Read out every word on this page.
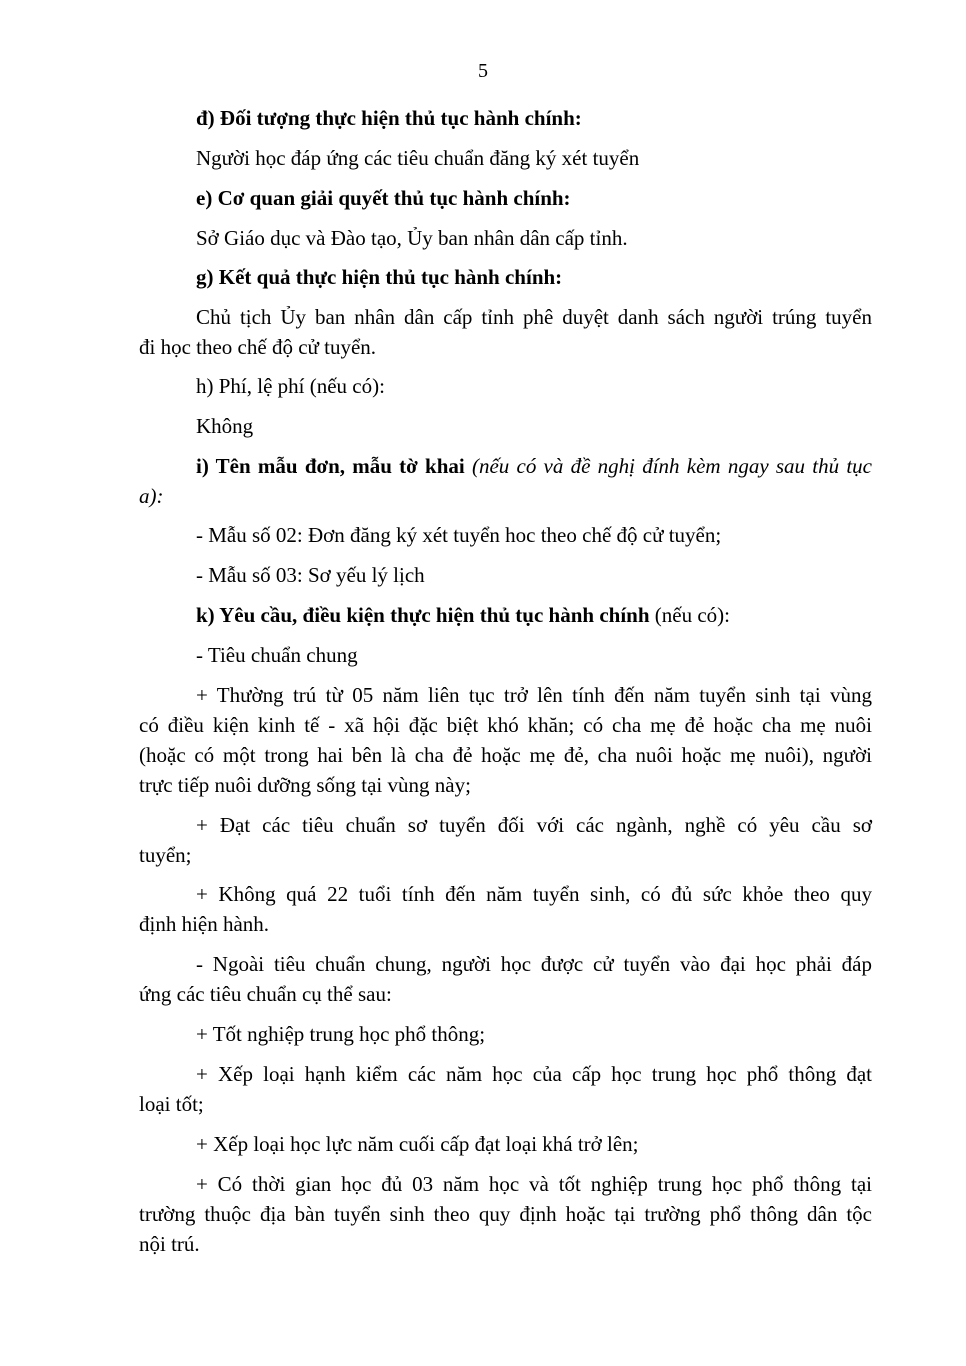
5
đ) Đối tượng thực hiện thủ tục hành chính:
Người học đáp ứng các tiêu chuẩn đăng ký xét tuyển
e) Cơ quan giải quyết thủ tục hành chính:
Sở Giáo dục và Đào tạo, Ủy ban nhân dân cấp tỉnh.
g) Kết quả thực hiện thủ tục hành chính:
Chủ tịch Ủy ban nhân dân cấp tỉnh phê duyệt danh sách người trúng tuyển
đi học theo chế độ cử tuyển.
h) Phí, lệ phí (nếu có):
Không
i) Tên mẫu đơn, mẫu tờ khai (nếu có và đề nghị đính kèm ngay sau thủ tục
a):
- Mẫu số 02: Đơn đăng ký xét tuyển hoc theo chế độ cử tuyển;
- Mẫu số 03: Sơ yếu lý lịch
k) Yêu cầu, điều kiện thực hiện thủ tục hành chính (nếu có):
- Tiêu chuẩn chung
+ Thường trú từ 05 năm liên tục trở lên tính đến năm tuyển sinh tại vùng
có điều kiện kinh tế - xã hội đặc biệt khó khăn; có cha mẹ đẻ hoặc cha mẹ nuôi
(hoặc có một trong hai bên là cha đẻ hoặc mẹ đẻ, cha nuôi hoặc mẹ nuôi), người
trực tiếp nuôi dưỡng sống tại vùng này;
+ Đạt các tiêu chuẩn sơ tuyển đối với các ngành, nghề có yêu cầu sơ
tuyển;
+ Không quá 22 tuổi tính đến năm tuyển sinh, có đủ sức khỏe theo quy
định hiện hành.
- Ngoài tiêu chuẩn chung, người học được cử tuyển vào đại học phải đáp
ứng các tiêu chuẩn cụ thể sau:
+ Tốt nghiệp trung học phổ thông;
+ Xếp loại hạnh kiểm các năm học của cấp học trung học phổ thông đạt
loại tốt;
+ Xếp loại học lực năm cuối cấp đạt loại khá trở lên;
+ Có thời gian học đủ 03 năm học và tốt nghiệp trung học phổ thông tại
trường thuộc địa bàn tuyển sinh theo quy định hoặc tại trường phổ thông dân tộc
nội trú.
